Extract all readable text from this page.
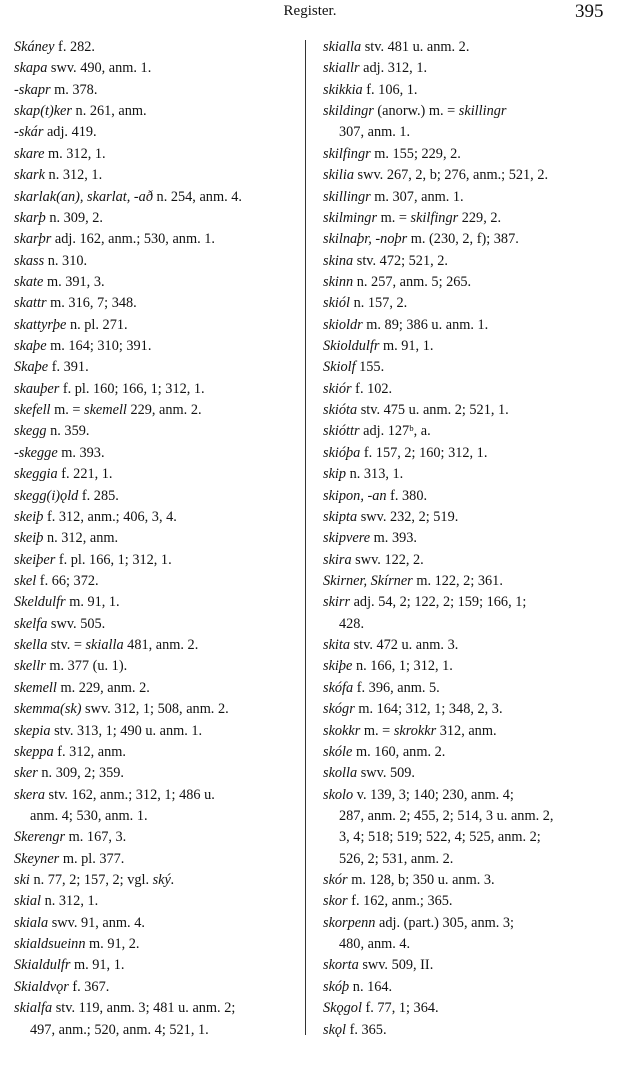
Register.	395
Skáney f. 282.
skapa swv. 490, anm. 1.
-skapr m. 378.
skap(t)ker n. 261, anm.
-skár adj. 419.
skare m. 312, 1.
skark n. 312, 1.
skarlak(an), skarlat, -að n. 254, anm. 4.
skarþ n. 309, 2.
skarþr adj. 162, anm.; 530, anm. 1.
skass n. 310.
skate m. 391, 3.
skattr m. 316, 7; 348.
skattyrþe n. pl. 271.
skaþe m. 164; 310; 391.
Skaþe f. 391.
skauþer f. pl. 160; 166, 1; 312, 1.
skefell m. = skemell 229, anm. 2.
skegg n. 359.
-skegge m. 393.
skeggia f. 221, 1.
skegg(i)ǫld f. 285.
skeiþ f. 312, anm.; 406, 3, 4.
skeiþ n. 312, anm.
skeiþer f. pl. 166, 1; 312, 1.
skel f. 66; 372.
Skeldulfr m. 91, 1.
skelfa swv. 505.
skella stv. = skialla 481, anm. 2.
skellr m. 377 (u. 1).
skemell m. 229, anm. 2.
skemma(sk) swv. 312, 1; 508, anm. 2.
skepia stv. 313, 1; 490 u. anm. 1.
skeppa f. 312, anm.
sker n. 309, 2; 359.
skera stv. 162, anm.; 312, 1; 486 u.
anm. 4; 530, anm. 1.
Skerengr m. 167, 3.
Skeyner m. pl. 377.
ski n. 77, 2; 157, 2; vgl. ský.
skial n. 312, 1.
skiala swv. 91, anm. 4.
skialdsueinn m. 91, 2.
Skialdulfr m. 91, 1.
Skialdvǫr f. 367.
skialfa stv. 119, anm. 3; 481 u. anm. 2;
497, anm.; 520, anm. 4; 521, 1.
skialla stv. 481 u. anm. 2.
skiallr adj. 312, 1.
skikkia f. 106, 1.
skildingr (anorw.) m. = skillingr
307, anm. 1.
skilfingr m. 155; 229, 2.
skilia swv. 267, 2, b; 276, anm.; 521, 2.
skillingr m. 307, anm. 1.
skilmingr m. = skilfingr 229, 2.
skilnaþr, -noþr m. (230, 2, f); 387.
skina stv. 472; 521, 2.
skinn n. 257, anm. 5; 265.
skiól n. 157, 2.
skioldr m. 89; 386 u. anm. 1.
Skioldulfr m. 91, 1.
Skiolf 155.
skiór f. 102.
skióta stv. 475 u. anm. 2; 521, 1.
skióttr adj. 127ᵇ, a.
skióþa f. 157, 2; 160; 312, 1.
skip n. 313, 1.
skipon, -an f. 380.
skipta swv. 232, 2; 519.
skipvere m. 393.
skira swv. 122, 2.
Skirner, Skírner m. 122, 2; 361.
skirr adj. 54, 2; 122, 2; 159; 166, 1;
428.
skita stv. 472 u. anm. 3.
skiþe n. 166, 1; 312, 1.
skófa f. 396, anm. 5.
skógr m. 164; 312, 1; 348, 2, 3.
skokkr m. = skrokkr 312, anm.
skóle m. 160, anm. 2.
skolla swv. 509.
skolo v. 139, 3; 140; 230, anm. 4;
287, anm. 2; 455, 2; 514, 3 u. anm. 2,
3, 4; 518; 519; 522, 4; 525, anm. 2;
526, 2; 531, anm. 2.
skór m. 128, b; 350 u. anm. 3.
skor f. 162, anm.; 365.
skorpenn adj. (part.) 305, anm. 3;
480, anm. 4.
skorta swv. 509, II.
skóþ n. 164.
Skǫgol f. 77, 1; 364.
skǫl f. 365.
